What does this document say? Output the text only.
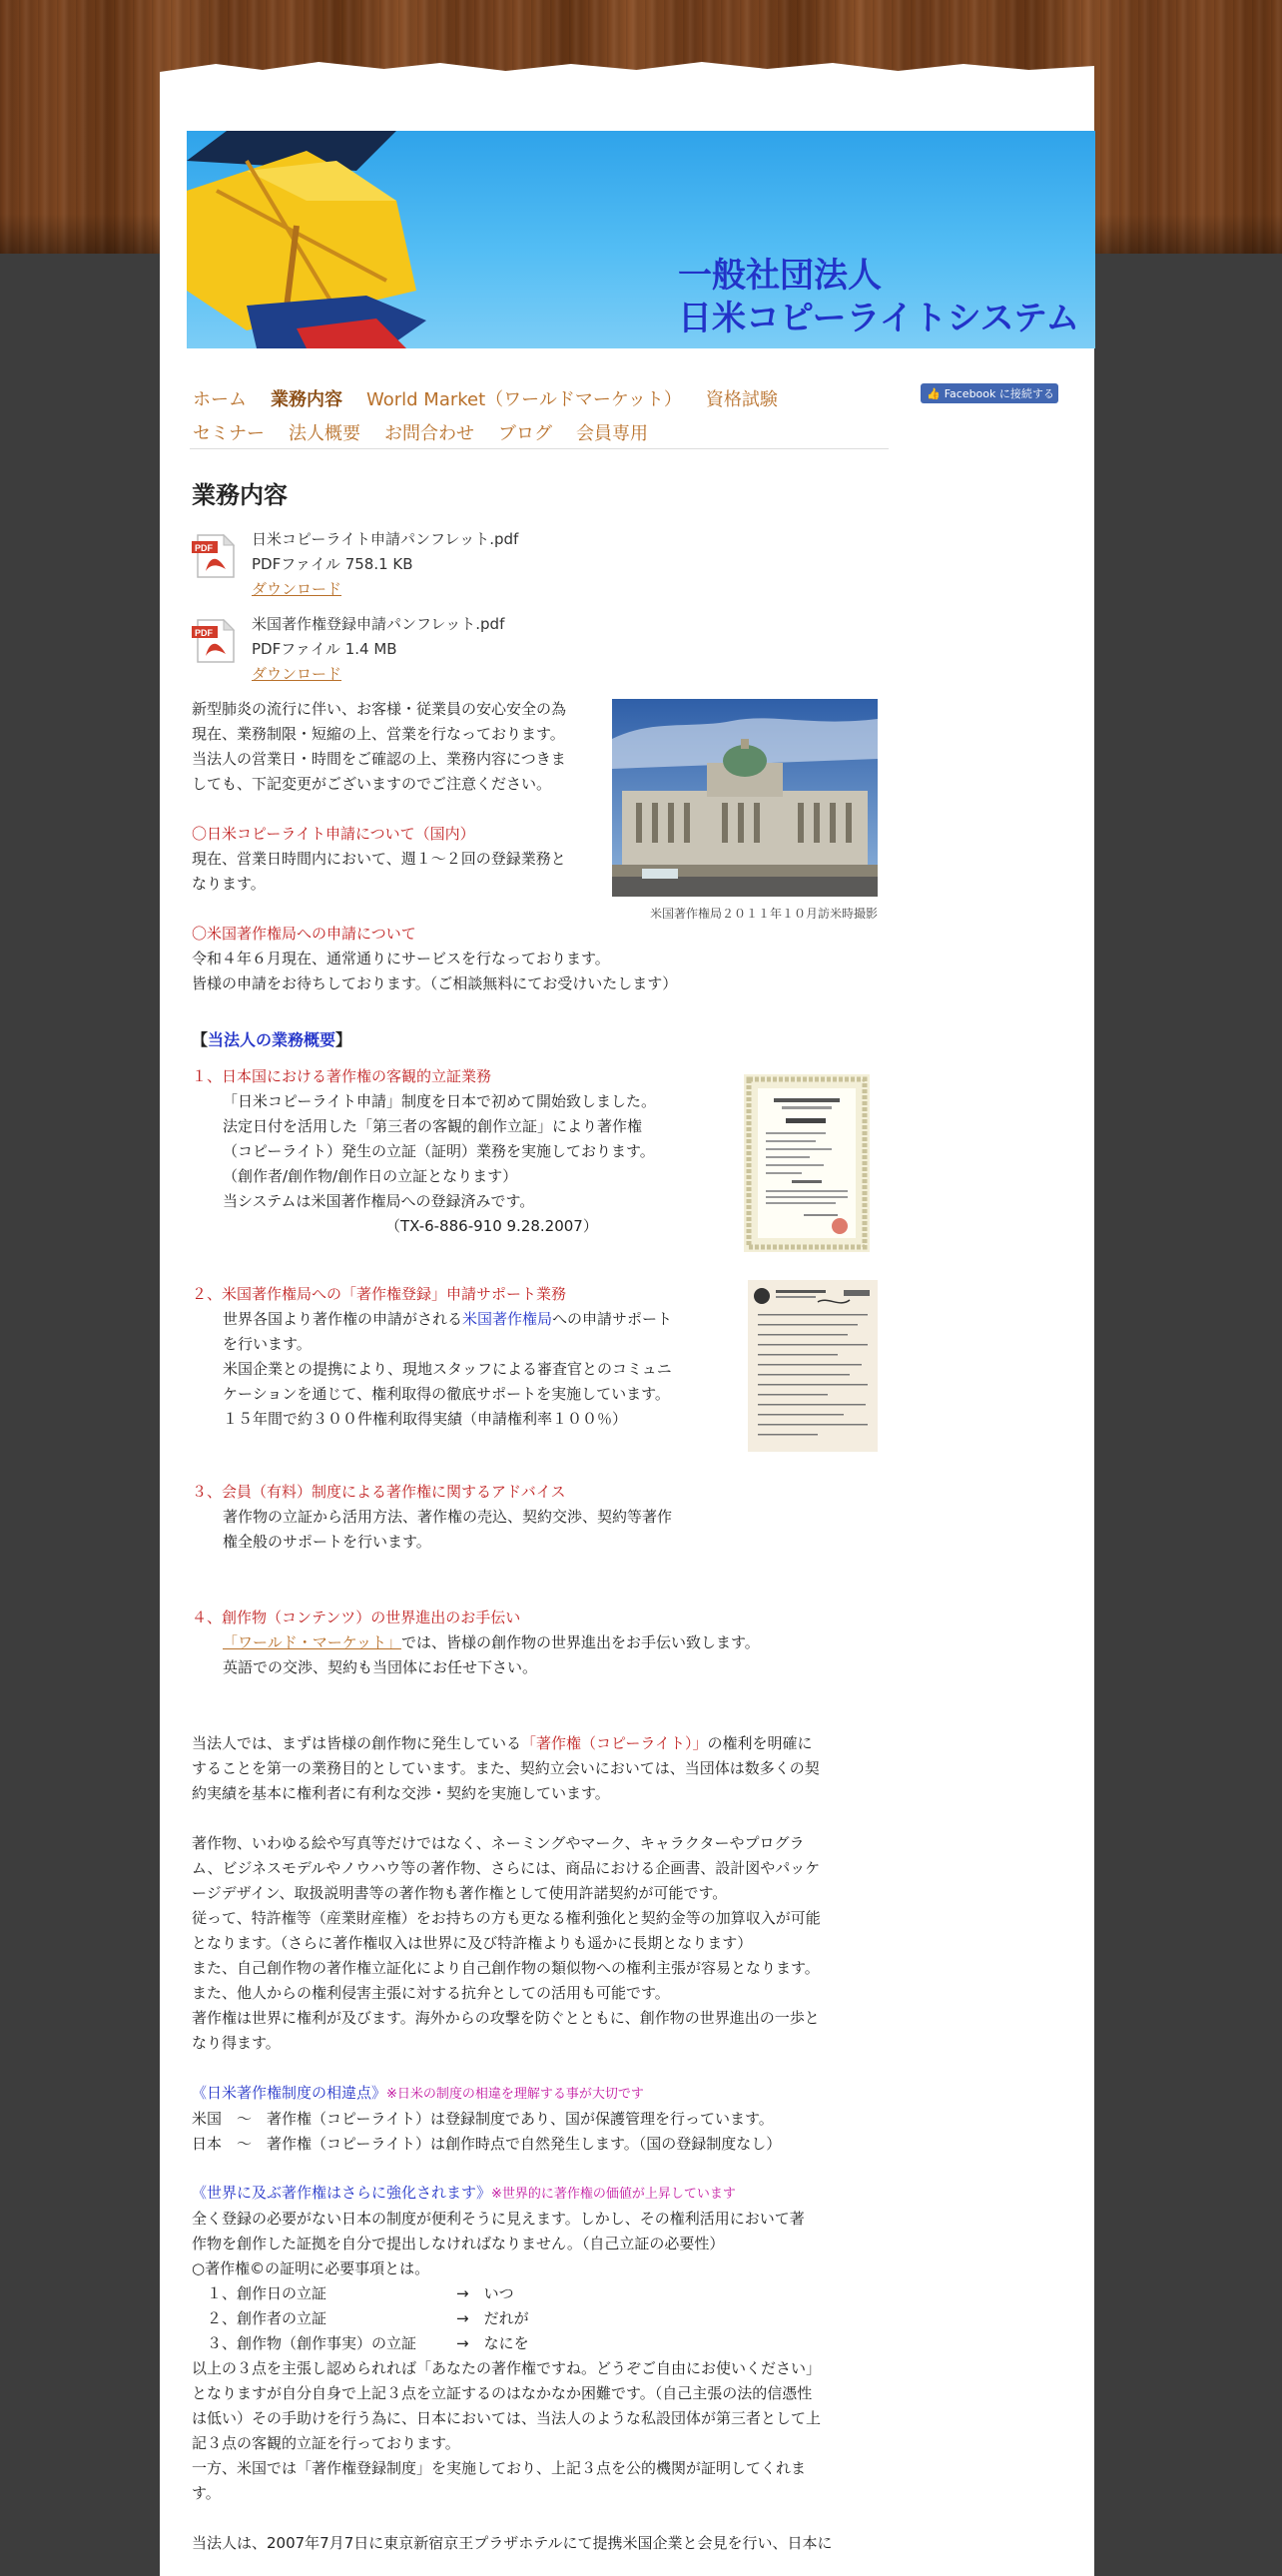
一般社団法人
日米コピーライトシステム
ホーム 業務内容 World Market（ワールドマーケット） 資格試験
セミナー 法人概要 お問合わせ ブログ 会員専用
👍 Facebook に接続する
業務内容
PDF	日米コピーライト申請パンフレット.pdf
PDFファイル 758.1 KB
ダウンロード
PDF	米国著作権登録申請パンフレット.pdf
PDFファイル 1.4 MB
ダウンロード

新型肺炎の流行に伴い、お客様・従業員の安心安全の為

現在、業務制限・短縮の上、営業を行なっております。

当法人の営業日・時間をご確認の上、業務内容につきま

しても、下記変更がございますのでご注意ください。

〇日米コピーライト申請について（国内）

現在、営業日時間内において、週１～２回の登録業務と

なります。

〇米国著作権局への申請について

令和４年６月現在、通常通りにサービスを行なっております。

皆様の申請をお待ちしております。（ご相談無料にてお受けいたします）

米国著作権局２０１１年１０月訪米時撮影

【当法人の業務概要】

１、日本国における著作権の客観的立証業務

「日米コピーライト申請」制度を日本で初めて開始致しました。

法定日付を活用した「第三者の客観的創作立証」により著作権

（コピーライト）発生の立証（証明）業務を実施しております。

（創作者/創作物/創作日の立証となります）

当システムは米国著作権局への登録済みです。

（TX-6-886-910 9.28.2007）

２、米国著作権局への「著作権登録」申請サポート業務

世界各国より著作権の申請がされる米国著作権局への申請サポート

を行います。

米国企業との提携により、現地スタッフによる審査官とのコミュニ

ケーションを通じて、権利取得の徹底サポートを実施しています。

１５年間で約３００件権利取得実績（申請権利率１００％）

３、会員（有料）制度による著作権に関するアドバイス

著作物の立証から活用方法、著作権の売込、契約交渉、契約等著作

権全般のサポートを行います。

４、創作物（コンテンツ）の世界進出のお手伝い

「ワールド・マーケット」では、皆様の創作物の世界進出をお手伝い致します。

英語での交渉、契約も当団体にお任せ下さい。

当法人では、まずは皆様の創作物に発生している「著作権（コピーライト）」の権利を明確に

することを第一の業務目的としています。また、契約立会いにおいては、当団体は数多くの契

約実績を基本に権利者に有利な交渉・契約を実施しています。

著作物、いわゆる絵や写真等だけではなく、ネーミングやマーク、キャラクターやプログラ

ム、ビジネスモデルやノウハウ等の著作物、さらには、商品における企画書、設計図やパッケ

ージデザイン、取扱説明書等の著作物も著作権として使用許諾契約が可能です。

従って、特許権等（産業財産権）をお持ちの方も更なる権利強化と契約金等の加算収入が可能

となります。（さらに著作権収入は世界に及び特許権よりも遥かに長期となります）

また、自己創作物の著作権立証化により自己創作物の類似物への権利主張が容易となります。

また、他人からの権利侵害主張に対する抗弁としての活用も可能です。

著作権は世界に権利が及びます。海外からの攻撃を防ぐとともに、創作物の世界進出の一歩と

なり得ます。

《日米著作権制度の相違点》※日米の制度の相違を理解する事が大切です

米国　～　著作権（コピーライト）は登録制度であり、国が保護管理を行っています。

日本　～　著作権（コピーライト）は創作時点で自然発生します。（国の登録制度なし）

《世界に及ぶ著作権はさらに強化されます》※世界的に著作権の価値が上昇しています

全く登録の必要がない日本の制度が便利そうに見えます。しかし、その権利活用において著

作物を創作した証拠を自分で提出しなければなりません。（自己立証の必要性）

○著作権©の証明に必要事項とは。

１、創作日の立証	→　いつ
２、創作者の立証	→　だれが
３、創作物（創作事実）の立証	→　なにを

以上の３点を主張し認められれば「あなたの著作権ですね。どうぞご自由にお使いください」

となりますが自分自身で上記３点を立証するのはなかなか困難です。（自己主張の法的信憑性

は低い）その手助けを行う為に、日本においては、当法人のような私設団体が第三者として上

記３点の客観的立証を行っております。

一方、米国では「著作権登録制度」を実施しており、上記３点を公的機関が証明してくれま

す。

当法人は、2007年7月7日に東京新宿京王プラザホテルにて提携米国企業と会見を行い、日本に
